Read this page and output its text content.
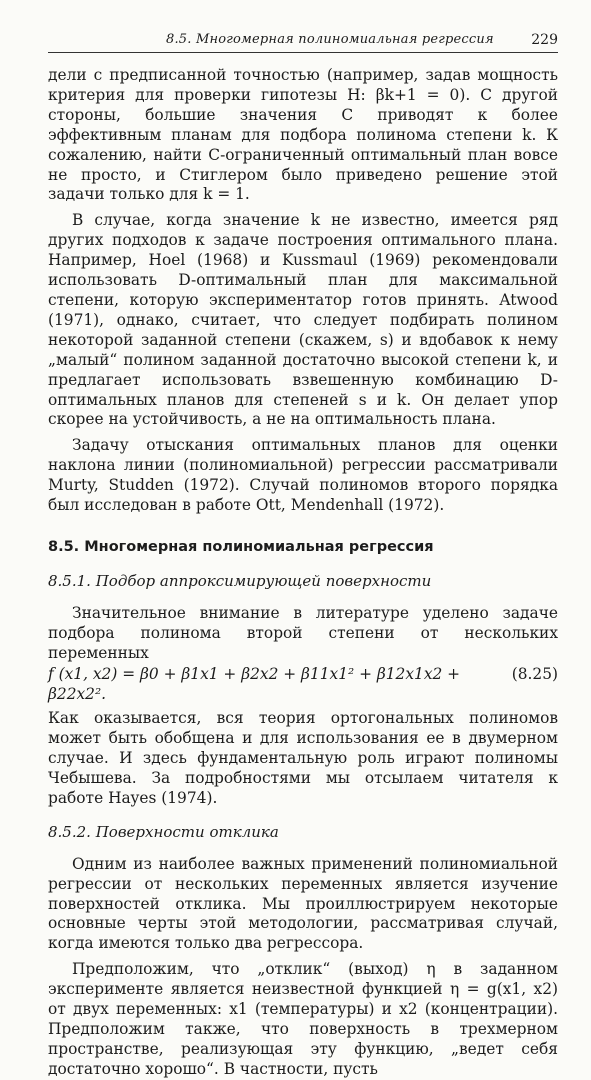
8.5. Многомерная полиномиальная регрессия	229

дели с предписанной точностью (например, задав мощность критерия для проверки гипотезы H: βk+1 = 0). С другой стороны, большие значения C приводят к более эффективным планам для подбора полинома степени k. К сожалению, найти C-ограниченный оптимальный план вовсе не просто, и Стиглером было приведено решение этой задачи только для k = 1.

В случае, когда значение k не известно, имеется ряд других подходов к задаче построения оптимального плана. Например, Hoel (1968) и Kussmaul (1969) рекомендовали использовать D-оптимальный план для максимальной степени, которую экспериментатор готов принять. Atwood (1971), однако, считает, что следует подбирать полином некоторой заданной степени (скажем, s) и вдобавок к нему „малый“ полином заданной достаточно высокой степени k, и предлагает использовать взвешенную комбинацию D-оптимальных планов для степеней s и k. Он делает упор скорее на устойчивость, а не на оптимальность плана.

Задачу отыскания оптимальных планов для оценки наклона линии (полиномиальной) регрессии рассматривали Murty, Studden (1972). Случай полиномов второго порядка был исследован в работе Ott, Mendenhall (1972).

8.5. Многомерная полиномиальная регрессия
8.5.1. Подбор аппроксимирующей поверхности

Значительное внимание в литературе уделено задаче подбора полинома второй степени от нескольких переменных

f (x1, x2) = β0 + β1x1 + β2x2 + β11x1² + β12x1x2 + β22x2².
(8.25)

Как оказывается, вся теория ортогональных полиномов может быть обобщена и для использования ее в двумерном случае. И здесь фундаментальную роль играют полиномы Чебышева. За подробностями мы отсылаем читателя к работе Hayes (1974).

8.5.2. Поверхности отклика

Одним из наиболее важных применений полиномиальной регрессии от нескольких переменных является изучение поверхностей отклика. Мы проиллюстрируем некоторые основные черты этой методологии, рассматривая случай, когда имеются только два регрессора.

Предположим, что „отклик“ (выход) η в заданном эксперименте является неизвестной функцией η = g(x1, x2) от двух переменных: x1 (температуры) и x2 (концентрации). Предположим также, что поверхность в трехмерном пространстве, реализующая эту функцию, „ведет себя достаточно хорошо“. В частности, пусть
